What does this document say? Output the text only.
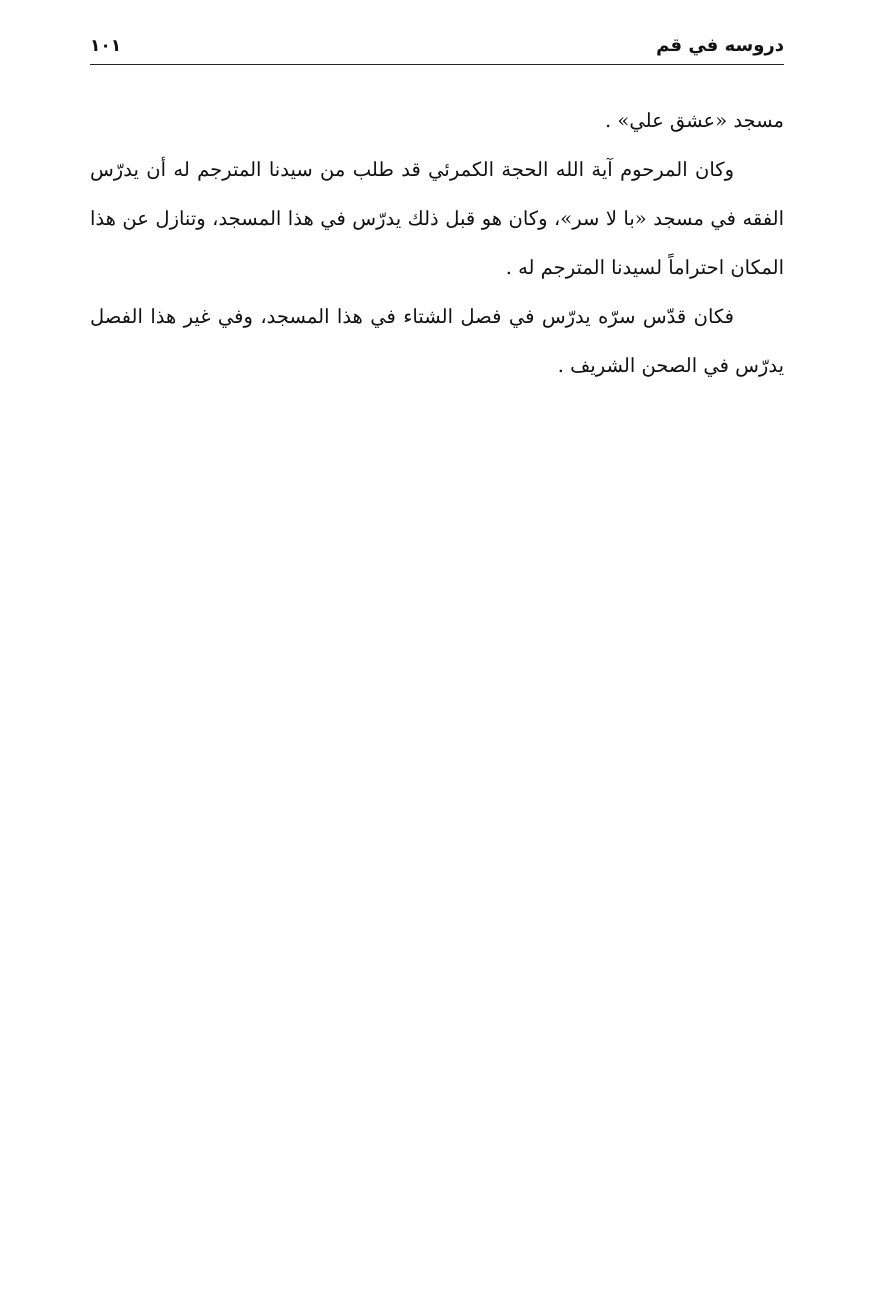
دروسه في قم
١٠١

مسجد «عشق علي» .

وكان المرحوم آية الله الحجة الكمرئي قد طلب من سيدنا المترجم له أن يدرّس الفقه في مسجد «با لا سر»، وكان هو قبل ذلك يدرّس في هذا المسجد، وتنازل عن هذا المكان احتراماً لسيدنا المترجم له .

فكان قدّس سرّه يدرّس في فصل الشتاء في هذا المسجد، وفي غير هذا الفصل يدرّس في الصحن الشريف .
